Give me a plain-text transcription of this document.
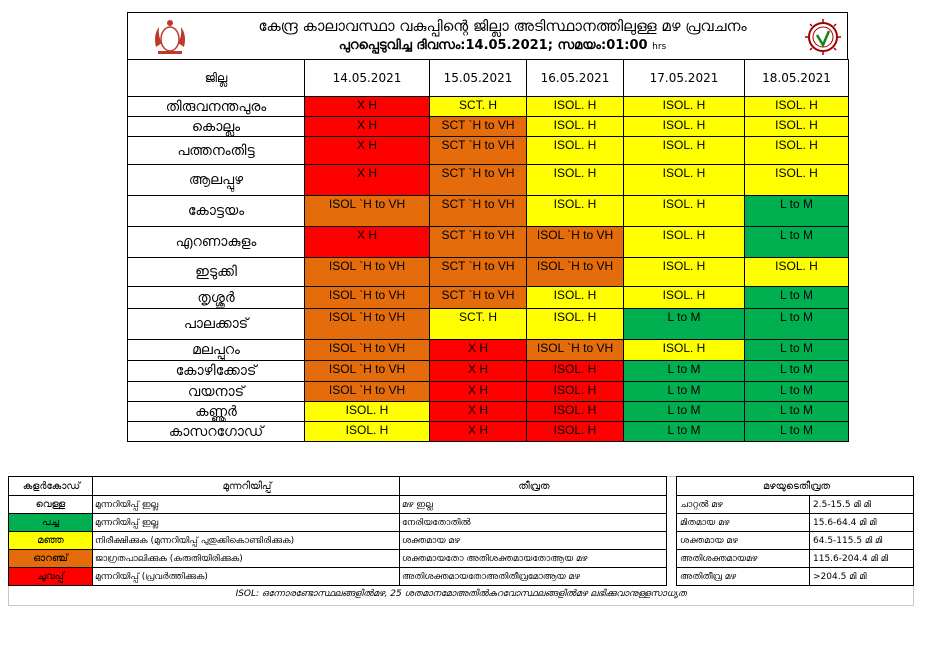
കേന്ദ്ര കാലാവസ്ഥാ വകുപ്പിന്റെ ജില്ലാ അടിസ്ഥാനത്തിലുള്ള മഴ പ്രവചനം
പുറപ്പെടുവിച്ച ദിവസം:14.05.2021; സമയം:01:00 hrs
ജില്ല	14.05.2021	15.05.2021	16.05.2021	17.05.2021	18.05.2021
തിരുവനന്തപുരം	X H	SCT. H	ISOL. H	ISOL. H	ISOL. H
കൊല്ലം	X H	SCT `H to VH	ISOL. H	ISOL. H	ISOL. H
പത്തനംതിട്ട	X H	SCT `H to VH	ISOL. H	ISOL. H	ISOL. H
ആലപ്പുഴ	X H	SCT `H to VH	ISOL. H	ISOL. H	ISOL. H
കോട്ടയം	ISOL `H to VH	SCT `H to VH	ISOL. H	ISOL. H	L to M
എറണാകുളം	X H	SCT `H to VH	ISOL `H to VH	ISOL. H	L to M
ഇടുക്കി	ISOL `H to VH	SCT `H to VH	ISOL `H to VH	ISOL. H	ISOL. H
തൃശ്ശൂർ	ISOL `H to VH	SCT `H to VH	ISOL. H	ISOL. H	L to M
പാലക്കാട്	ISOL `H to VH	SCT. H	ISOL. H	L to M	L to M
മലപ്പുറം	ISOL `H to VH	X H	ISOL `H to VH	ISOL. H	L to M
കോഴിക്കോട്	ISOL `H to VH	X H	ISOL. H	L to M	L to M
വയനാട്	ISOL `H to VH	X H	ISOL. H	L to M	L to M
കണ്ണൂർ	ISOL. H	X H	ISOL. H	L to M	L to M
കാസറഗോഡ്	ISOL. H	X H	ISOL. H	L to M	L to M
കളർകോഡ്	മുന്നറിയിപ്പ്	തീവ്രത
വെള്ള	മുന്നറിയിപ്പ് ഇല്ല	മഴ ഇല്ല
പച്ച	മുന്നറിയിപ്പ് ഇല്ല	നേരിയതോതിൽ
മഞ്ഞ	നിരീക്ഷിക്കുക (മുന്നറിയിപ്പ് പുതുക്കികൊണ്ടിരിക്കുക)	ശക്തമായ മഴ
ഓറഞ്ച്	ജാഗ്രതപാലിക്കുക (കരുതിയിരിക്കുക)	ശക്തമായതോ അതിശക്തമായതോആയ മഴ
ചുവപ്പ്	മുന്നറിയിപ്പ് (പ്രവർത്തിക്കുക)	അതിശക്തമായതോഅതിതീവ്രമോആയ മഴ
മഴയുടെതീവ്രത	
ചാറ്റൽ മഴ	2.5-15.5 മി മി
മിതമായ മഴ	15.6-64.4 മി മി
ശക്തമായ മഴ	64.5-115.5 മി മി
അതിശക്തമായമഴ	115.6-204.4 മി മി
അതിതീവ്ര മഴ	>204.5 മി മി
ISOL: ഒന്നോരണ്ടോസ്ഥലങ്ങളിൽമഴ, 25 ശതമാനമോഅതിൽകുറവോസ്ഥലങ്ങളിൽമഴ ലഭിക്കുവാനുള്ളസാധ്യത
